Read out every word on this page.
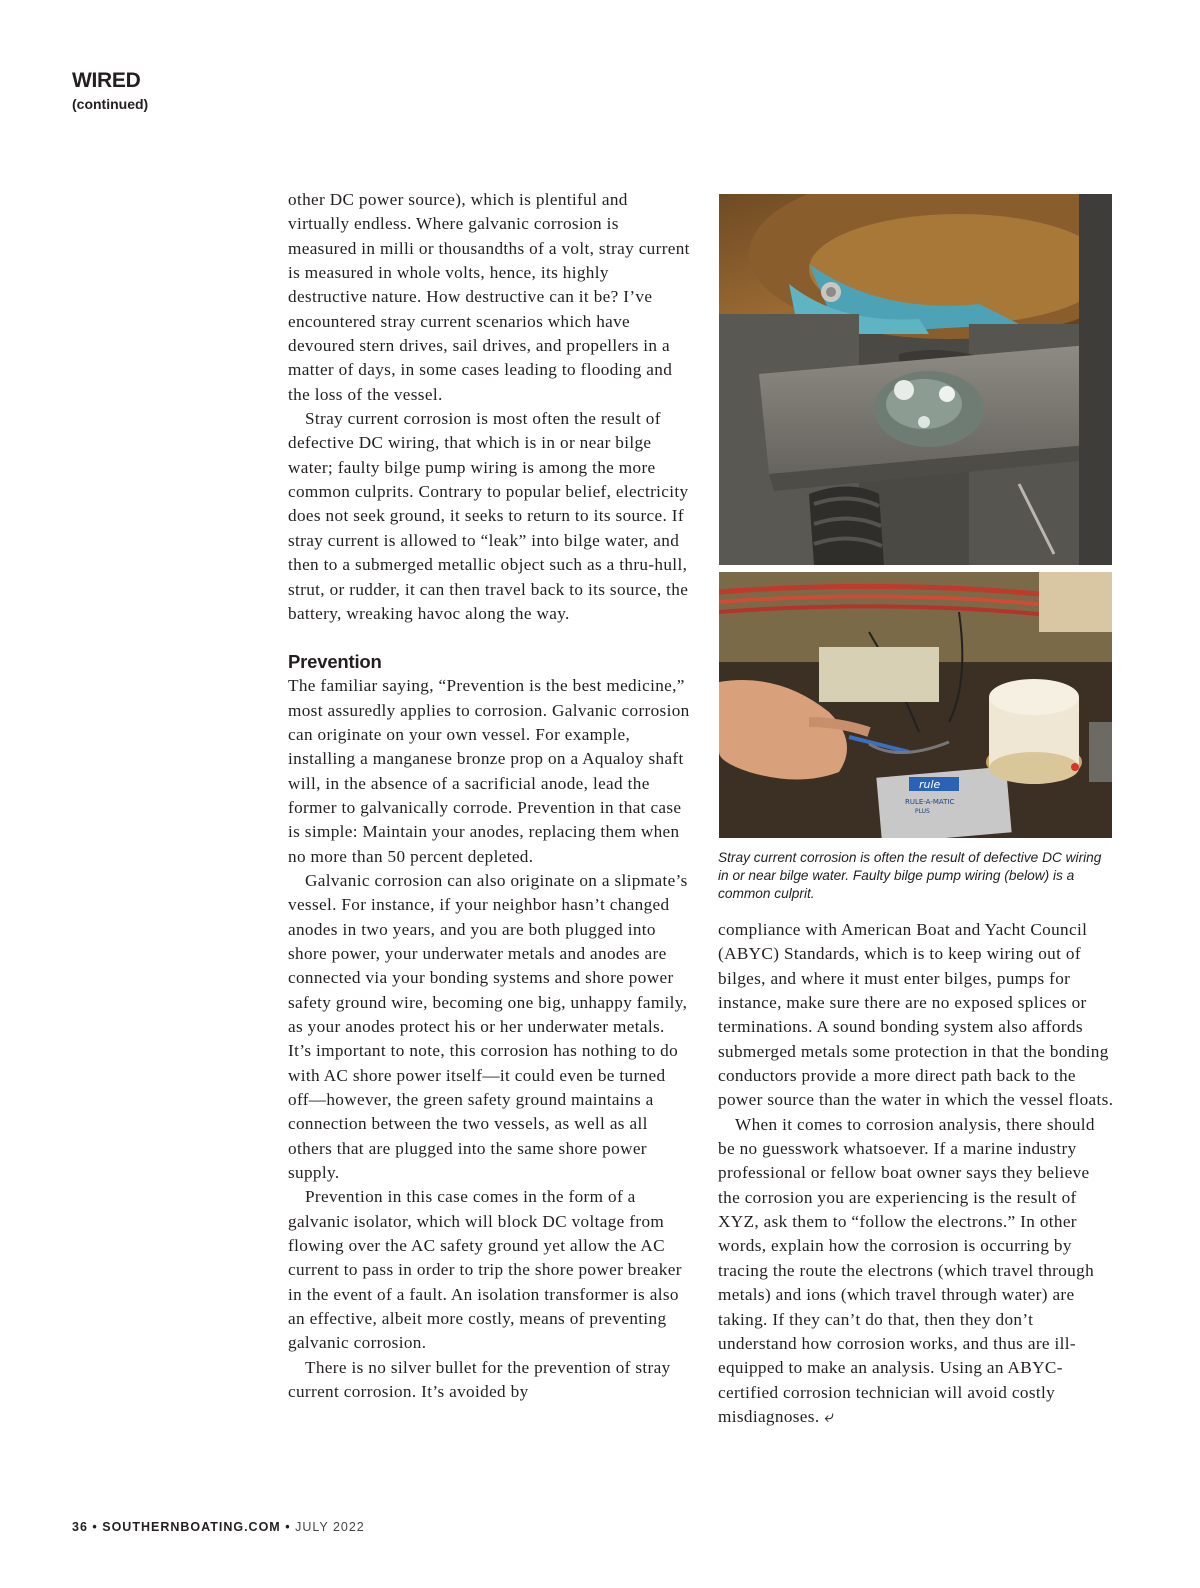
WIRED
(continued)

other DC power source), which is plentiful and virtually endless. Where galvanic corrosion is measured in milli or thousandths of a volt, stray current is measured in whole volts, hence, its highly destructive nature. How destructive can it be? I’ve encountered stray current scenarios which have devoured stern drives, sail drives, and propellers in a matter of days, in some cases leading to flooding and the loss of the vessel.

Stray current corrosion is most often the result of defective DC wiring, that which is in or near bilge water; faulty bilge pump wiring is among the more common culprits. Contrary to popular belief, electricity does not seek ground, it seeks to return to its source. If stray current is allowed to “leak” into bilge water, and then to a submerged metallic object such as a thru-hull, strut, or rudder, it can then travel back to its source, the battery, wreaking havoc along the way.

Prevention

The familiar saying, “Prevention is the best medicine,” most assuredly applies to corrosion. Galvanic corrosion can originate on your own vessel. For example, installing a manganese bronze prop on a Aqualoy shaft will, in the absence of a sacrificial anode, lead the former to galvanically corrode. Prevention in that case is simple: Maintain your anodes, replacing them when no more than 50 percent depleted.

Galvanic corrosion can also originate on a slipmate’s vessel. For instance, if your neighbor hasn’t changed anodes in two years, and you are both plugged into shore power, your underwater metals and anodes are connected via your bonding systems and shore power safety ground wire, becoming one big, unhappy family, as your anodes protect his or her underwater metals. It’s important to note, this corrosion has nothing to do with AC shore power itself—it could even be turned off—however, the green safety ground maintains a connection between the two vessels, as well as all others that are plugged into the same shore power supply.

Prevention in this case comes in the form of a galvanic isolator, which will block DC voltage from flowing over the AC safety ground yet allow the AC current to pass in order to trip the shore power breaker in the event of a fault. An isolation transformer is also an effective, albeit more costly, means of preventing galvanic corrosion.

There is no silver bullet for the prevention of stray current corrosion. It’s avoided by

rule
RULE-A-MATIC
PLUS
Stray current corrosion is often the result of defective DC wiring in or near bilge water. Faulty bilge pump wiring (below) is a common culprit.

compliance with American Boat and Yacht Council (ABYC) Standards, which is to keep wiring out of bilges, and where it must enter bilges, pumps for instance, make sure there are no exposed splices or terminations. A sound bonding system also affords submerged metals some protection in that the bonding conductors provide a more direct path back to the power source than the water in which the vessel floats.

When it comes to corrosion analysis, there should be no guesswork whatsoever. If a marine industry professional or fellow boat owner says they believe the corrosion you are experiencing is the result of XYZ, ask them to “follow the electrons.” In other words, explain how the corrosion is occurring by tracing the route the electrons (which travel through metals) and ions (which travel through water) are taking. If they can’t do that, then they don’t understand how corrosion works, and thus are ill-equipped to make an analysis. Using an ABYC-certified corrosion technician will avoid costly misdiagnoses. ⤶

36 • SOUTHERNBOATING.COM • JULY 2022
